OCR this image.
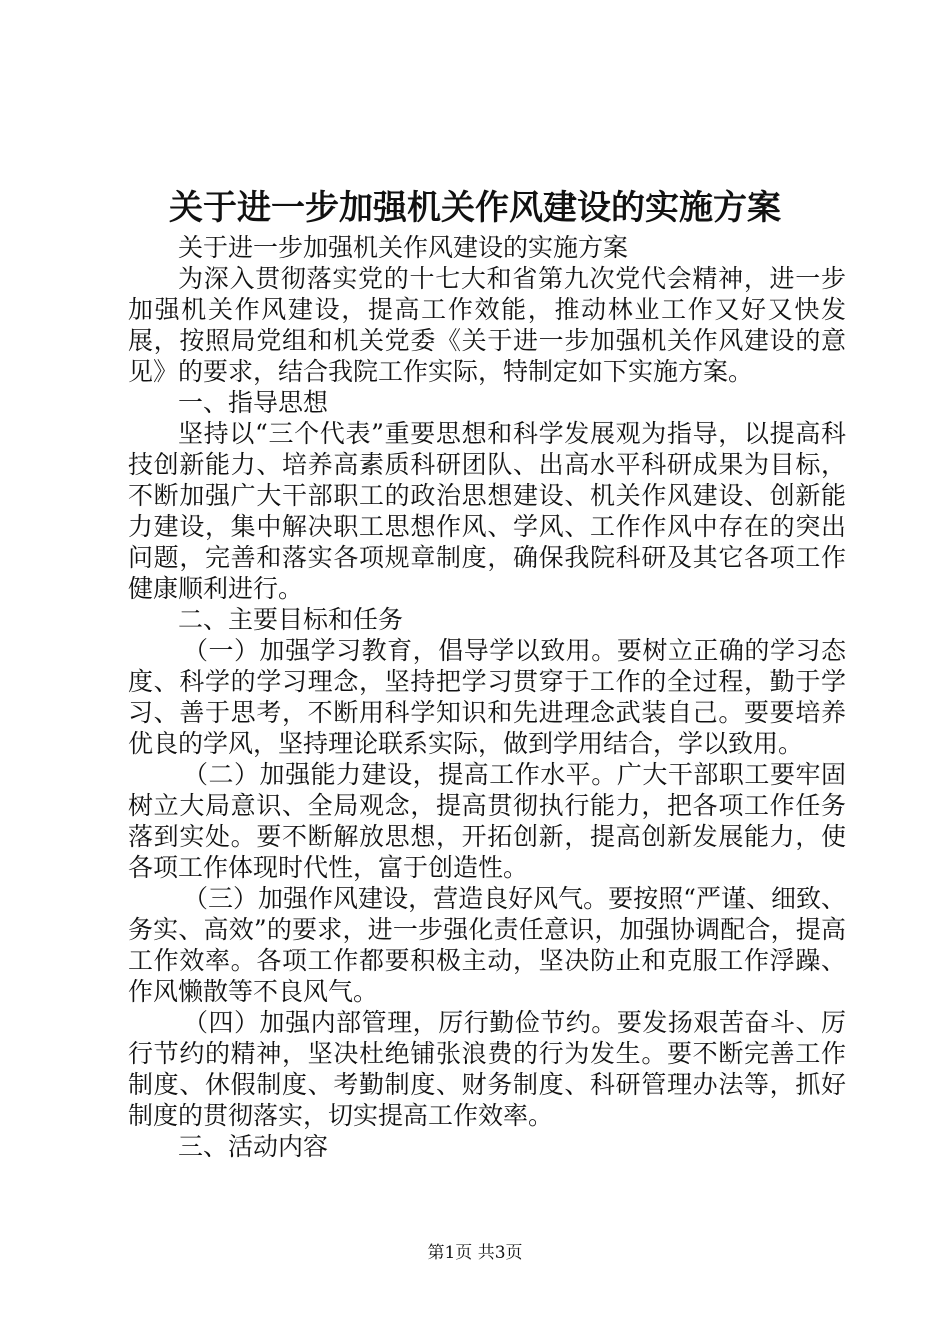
关于进一步加强机关作风建设的实施方案

关于进一步加强机关作风建设的实施方案

为深入贯彻落实党的十七大和省第九次党代会精神，进一步加强机关作风建设，提高工作效能，推动林业工作又好又快发展，按照局党组和机关党委《关于进一步加强机关作风建设的意见》的要求，结合我院工作实际，特制定如下实施方案。

一、指导思想

坚持以“三个代表”重要思想和科学发展观为指导，以提高科技创新能力、培养高素质科研团队、出高水平科研成果为目标，不断加强广大干部职工的政治思想建设、机关作风建设、创新能力建设，集中解决职工思想作风、学风、工作作风中存在的突出问题，完善和落实各项规章制度，确保我院科研及其它各项工作健康顺利进行。

二、主要目标和任务

（一）加强学习教育，倡导学以致用。要树立正确的学习态度、科学的学习理念，坚持把学习贯穿于工作的全过程，勤于学习、善于思考，不断用科学知识和先进理念武装自己。要要培养优良的学风，坚持理论联系实际，做到学用结合，学以致用。

（二）加强能力建设，提高工作水平。广大干部职工要牢固树立大局意识、全局观念，提高贯彻执行能力，把各项工作任务落到实处。要不断解放思想，开拓创新，提高创新发展能力，使各项工作体现时代性，富于创造性。

（三）加强作风建设，营造良好风气。要按照“严谨、细致、务实、高效”的要求，进一步强化责任意识，加强协调配合，提高工作效率。各项工作都要积极主动，坚决防止和克服工作浮躁、作风懒散等不良风气。

（四）加强内部管理，厉行勤俭节约。要发扬艰苦奋斗、厉行节约的精神，坚决杜绝铺张浪费的行为发生。要不断完善工作制度、休假制度、考勤制度、财务制度、科研管理办法等，抓好制度的贯彻落实，切实提高工作效率。

三、活动内容

第1页 共3页
